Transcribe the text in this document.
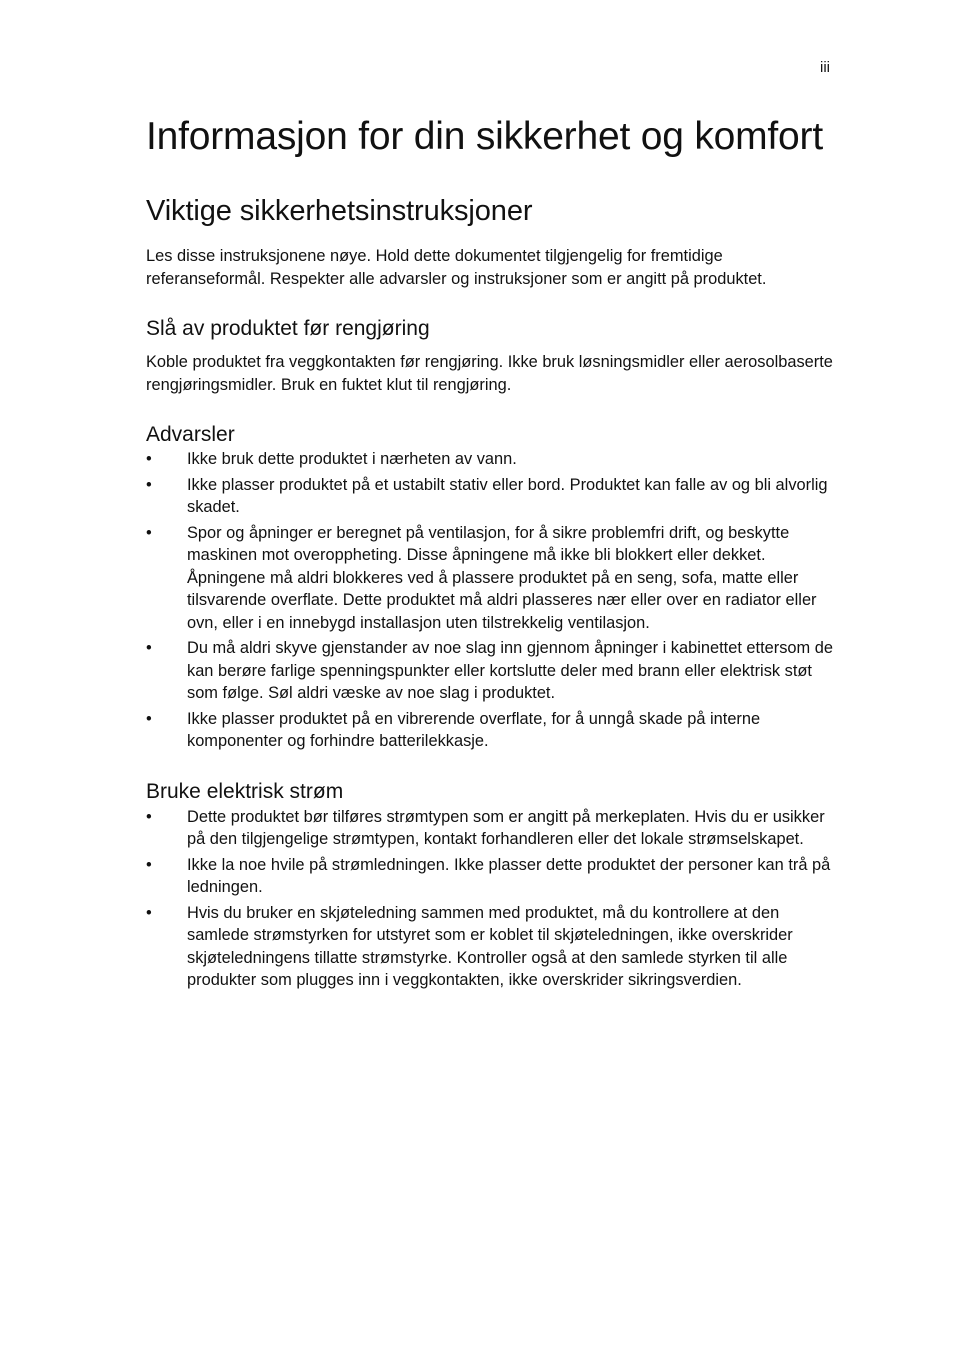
iii
Informasjon for din sikkerhet og komfort
Viktige sikkerhetsinstruksjoner

Les disse instruksjonene nøye. Hold dette dokumentet tilgjengelig for fremtidige referanseformål. Respekter alle advarsler og instruksjoner som er angitt på produktet.

Slå av produktet før rengjøring

Koble produktet fra veggkontakten før rengjøring. Ikke bruk løsningsmidler eller aerosolbaserte rengjøringsmidler. Bruk en fuktet klut til rengjøring.

Advarsler
•	Ikke bruk dette produktet i nærheten av vann.
•	Ikke plasser produktet på et ustabilt stativ eller bord. Produktet kan falle av og bli alvorlig skadet.
•	Spor og åpninger er beregnet på ventilasjon, for å sikre problemfri drift, og beskytte maskinen mot overoppheting. Disse åpningene må ikke bli blokkert eller dekket. Åpningene må aldri blokkeres ved å plassere produktet på en seng, sofa, matte eller tilsvarende overflate. Dette produktet må aldri plasseres nær eller over en radiator eller ovn, eller i en innebygd installasjon uten tilstrekkelig ventilasjon.
•	Du må aldri skyve gjenstander av noe slag inn gjennom åpninger i kabinettet ettersom de kan berøre farlige spenningspunkter eller kortslutte deler med brann eller elektrisk støt som følge. Søl aldri væske av noe slag i produktet.
•	Ikke plasser produktet på en vibrerende overflate, for å unngå skade på interne komponenter og forhindre batterilekkasje.
Bruke elektrisk strøm
•	Dette produktet bør tilføres strømtypen som er angitt på merkeplaten. Hvis du er usikker på den tilgjengelige strømtypen, kontakt forhandleren eller det lokale strømselskapet.
•	Ikke la noe hvile på strømledningen. Ikke plasser dette produktet der personer kan trå på ledningen.
•	Hvis du bruker en skjøteledning sammen med produktet, må du kontrollere at den samlede strømstyrken for utstyret som er koblet til skjøteledningen, ikke overskrider skjøteledningens tillatte strømstyrke. Kontroller også at den samlede styrken til alle produkter som plugges inn i veggkontakten, ikke overskrider sikringsverdien.
